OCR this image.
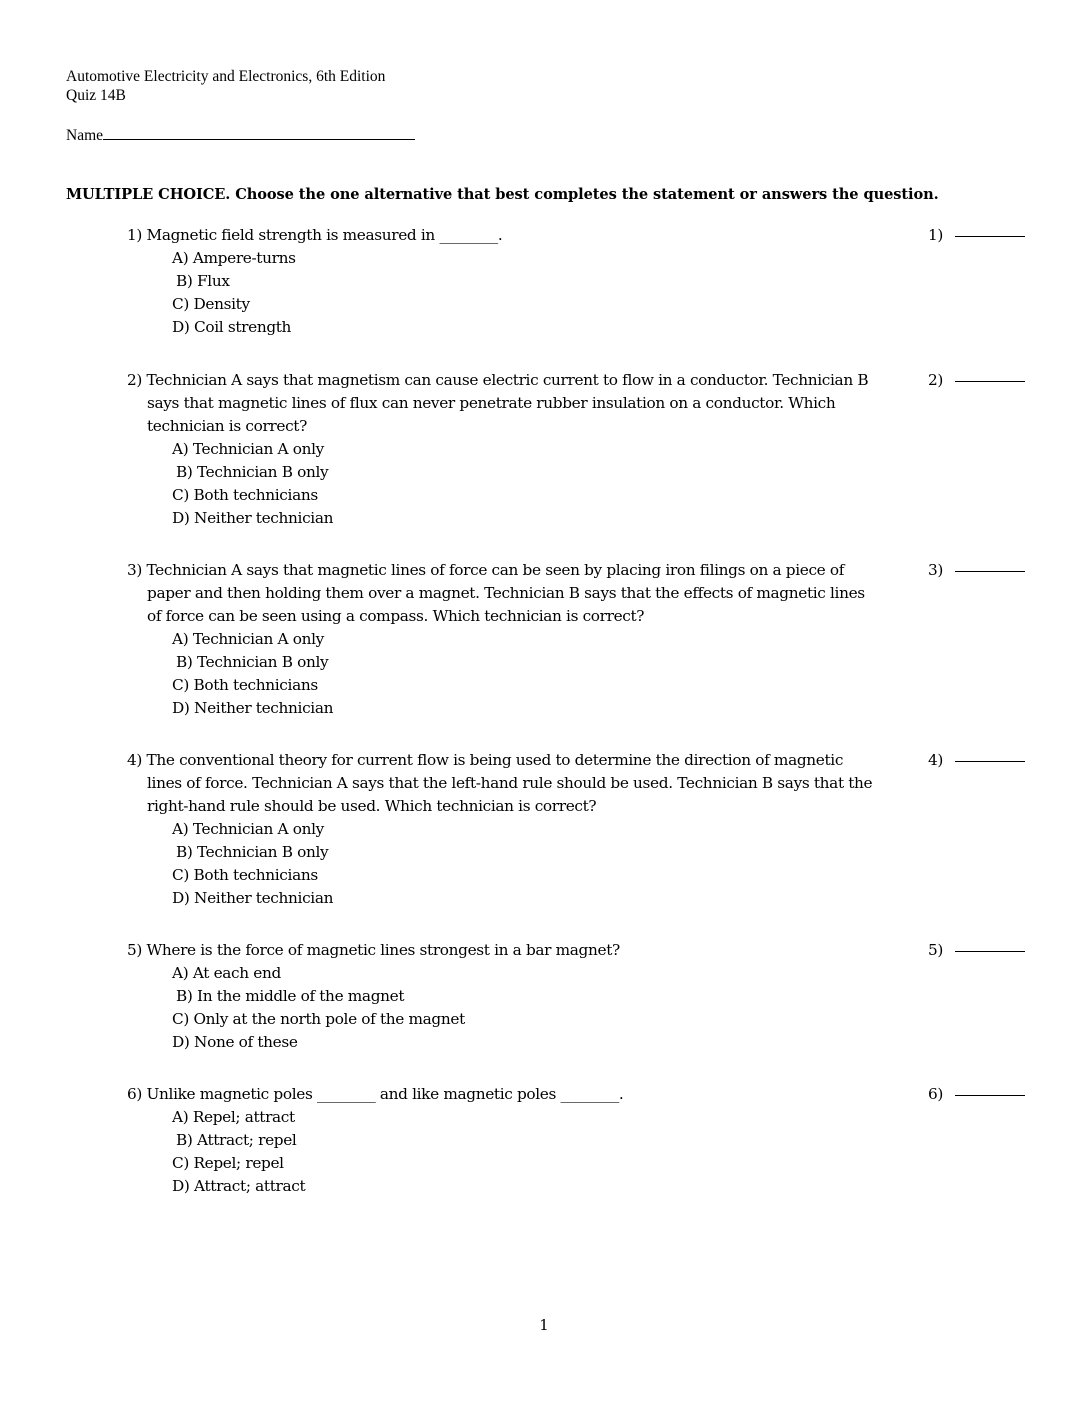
Automotive Electricity and Electronics, 6th Edition
Quiz 14B
Name
MULTIPLE CHOICE. Choose the one alternative that best completes the statement or answers the question.
1) Magnetic field strength is measured in ________.
A) Ampere-turns
B) Flux
C) Density
D) Coil strength
1)
2) Technician A says that magnetism can cause electric current to flow in a conductor. Technician B
says that magnetic lines of flux can never penetrate rubber insulation on a conductor. Which
technician is correct?
A) Technician A only
B) Technician B only
C) Both technicians
D) Neither technician
2)
3) Technician A says that magnetic lines of force can be seen by placing iron filings on a piece of
paper and then holding them over a magnet. Technician B says that the effects of magnetic lines
of force can be seen using a compass. Which technician is correct?
A) Technician A only
B) Technician B only
C) Both technicians
D) Neither technician
3)
4) The conventional theory for current flow is being used to determine the direction of magnetic
lines of force. Technician A says that the left-hand rule should be used. Technician B says that the
right-hand rule should be used. Which technician is correct?
A) Technician A only
B) Technician B only
C) Both technicians
D) Neither technician
4)
5) Where is the force of magnetic lines strongest in a bar magnet?
A) At each end
B) In the middle of the magnet
C) Only at the north pole of the magnet
D) None of these
5)
6) Unlike magnetic poles ________ and like magnetic poles ________.
A) Repel; attract
B) Attract; repel
C) Repel; repel
D) Attract; attract
6)
1
